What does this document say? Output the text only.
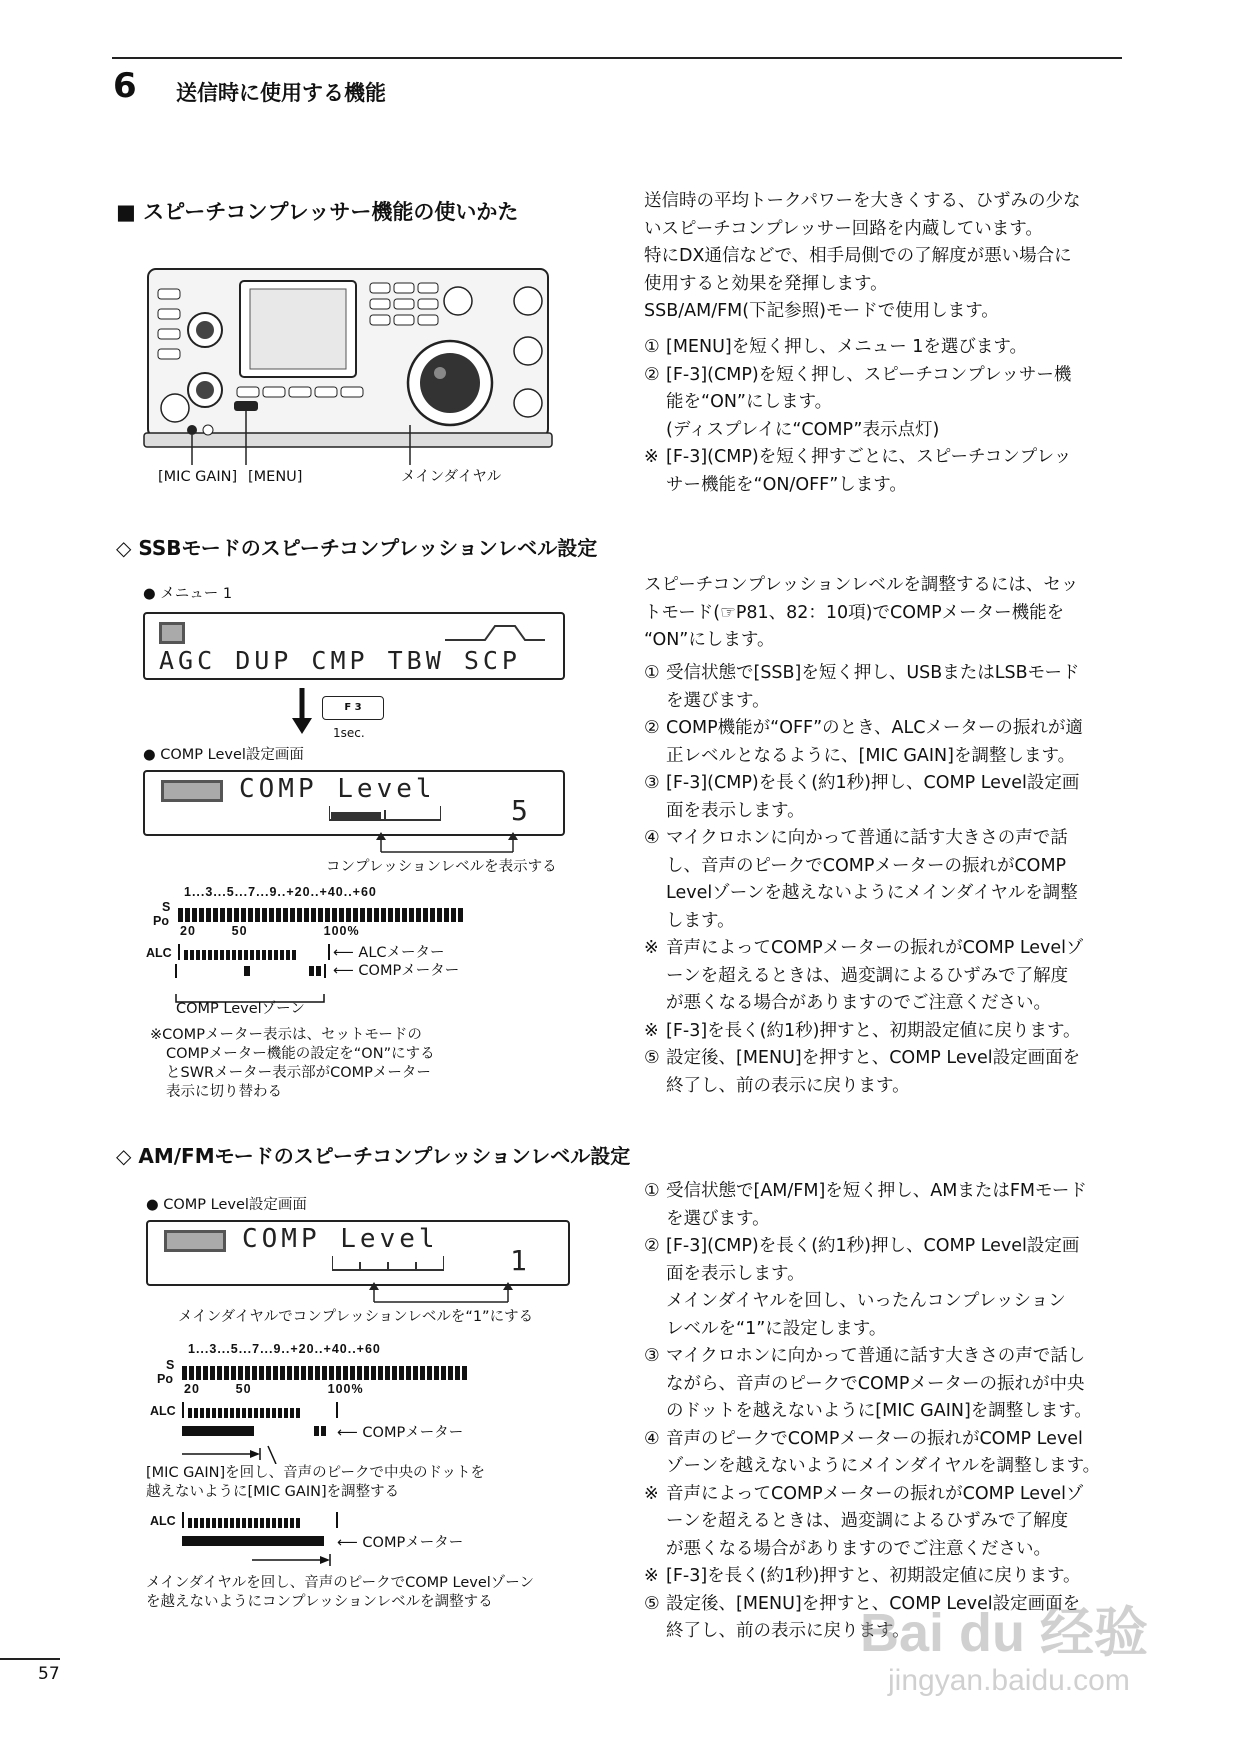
6 送信時に使用する機能
■ スピーチコンプレッサー機能の使いかた
[MIC GAIN] [MENU]	メインダイヤル
送信時の平均トークパワーを大きくする、ひずみの少な
いスピーチコンプレッサー回路を内蔵しています。
特にDX通信などで、相手局側での了解度が悪い場合に
使用すると効果を発揮します。
SSB/AM/FM(下記参照)モードで使用します。
① [MENU]を短く押し、メニュー 1を選びます。
② [F-3](CMP)を短く押し、スピーチコンプレッサー機
能を“ON”にします。
(ディスプレイに“COMP”表示点灯)
※ [F-3](CMP)を短く押すごとに、スピーチコンプレッ
サー機能を“ON/OFF”します。
◇ SSBモードのスピーチコンプレッションレベル設定
● メニュー 1
AGC DUP CMP TBW SCP
F 3
1sec.
● COMP Level設定画面
COMP Level
5
コンプレッションレベルを表示する
1...3...5...7...9..+20..+40..+60
S
Po
20        50                 100%
ALC	⟵ ALCメーター
⟵ COMPメーター
COMP Levelゾーン
※COMPメーター表示は、セットモードの
COMPメーター機能の設定を“ON”にする
とSWRメーター表示部がCOMPメーター
表示に切り替わる
スピーチコンプレッションレベルを調整するには、セッ
トモード(☞P81、82：10項)でCOMPメーター機能を
“ON”にします。
① 受信状態で[SSB]を短く押し、USBまたはLSBモード
を選びます。
② COMP機能が“OFF”のとき、ALCメーターの振れが適
正レベルとなるように、[MIC GAIN]を調整します。
③ [F-3](CMP)を長く(約1秒)押し、COMP Level設定画
面を表示します。
④ マイクロホンに向かって普通に話す大きさの声で話
し、音声のピークでCOMPメーターの振れがCOMP
Levelゾーンを越えないようにメインダイヤルを調整
します。
※ 音声によってCOMPメーターの振れがCOMP Levelゾ
ーンを超えるときは、過変調によるひずみで了解度
が悪くなる場合がありますのでご注意ください。
※ [F-3]を長く(約1秒)押すと、初期設定値に戻ります。
⑤ 設定後、[MENU]を押すと、COMP Level設定画面を
終了し、前の表示に戻ります。
◇ AM/FMモードのスピーチコンプレッションレベル設定
● COMP Level設定画面
COMP Level
1
メインダイヤルでコンプレッションレベルを“1”にする
1...3...5...7...9..+20..+40..+60
S
Po
20        50                 100%
ALC
⟵ COMPメーター
[MIC GAIN]を回し、音声のピークで中央のドットを
越えないように[MIC GAIN]を調整する
ALC
⟵ COMPメーター
メインダイヤルを回し、音声のピークでCOMP Levelゾーン
を越えないようにコンプレッションレベルを調整する
① 受信状態で[AM/FM]を短く押し、AMまたはFMモード
を選びます。
② [F-3](CMP)を長く(約1秒)押し、COMP Level設定画
面を表示します。
メインダイヤルを回し、いったんコンプレッション
レベルを“1”に設定します。
③ マイクロホンに向かって普通に話す大きさの声で話し
ながら、音声のピークでCOMPメーターの振れが中央
のドットを越えないように[MIC GAIN]を調整します。
④ 音声のピークでCOMPメーターの振れがCOMP Level
ゾーンを越えないようにメインダイヤルを調整します。
※ 音声によってCOMPメーターの振れがCOMP Levelゾ
ーンを超えるときは、過変調によるひずみで了解度
が悪くなる場合がありますのでご注意ください。
※ [F-3]を長く(約1秒)押すと、初期設定値に戻ります。
⑤ 設定後、[MENU]を押すと、COMP Level設定画面を
終了し、前の表示に戻ります。
57
Bai du 经验
jingyan.baidu.com
